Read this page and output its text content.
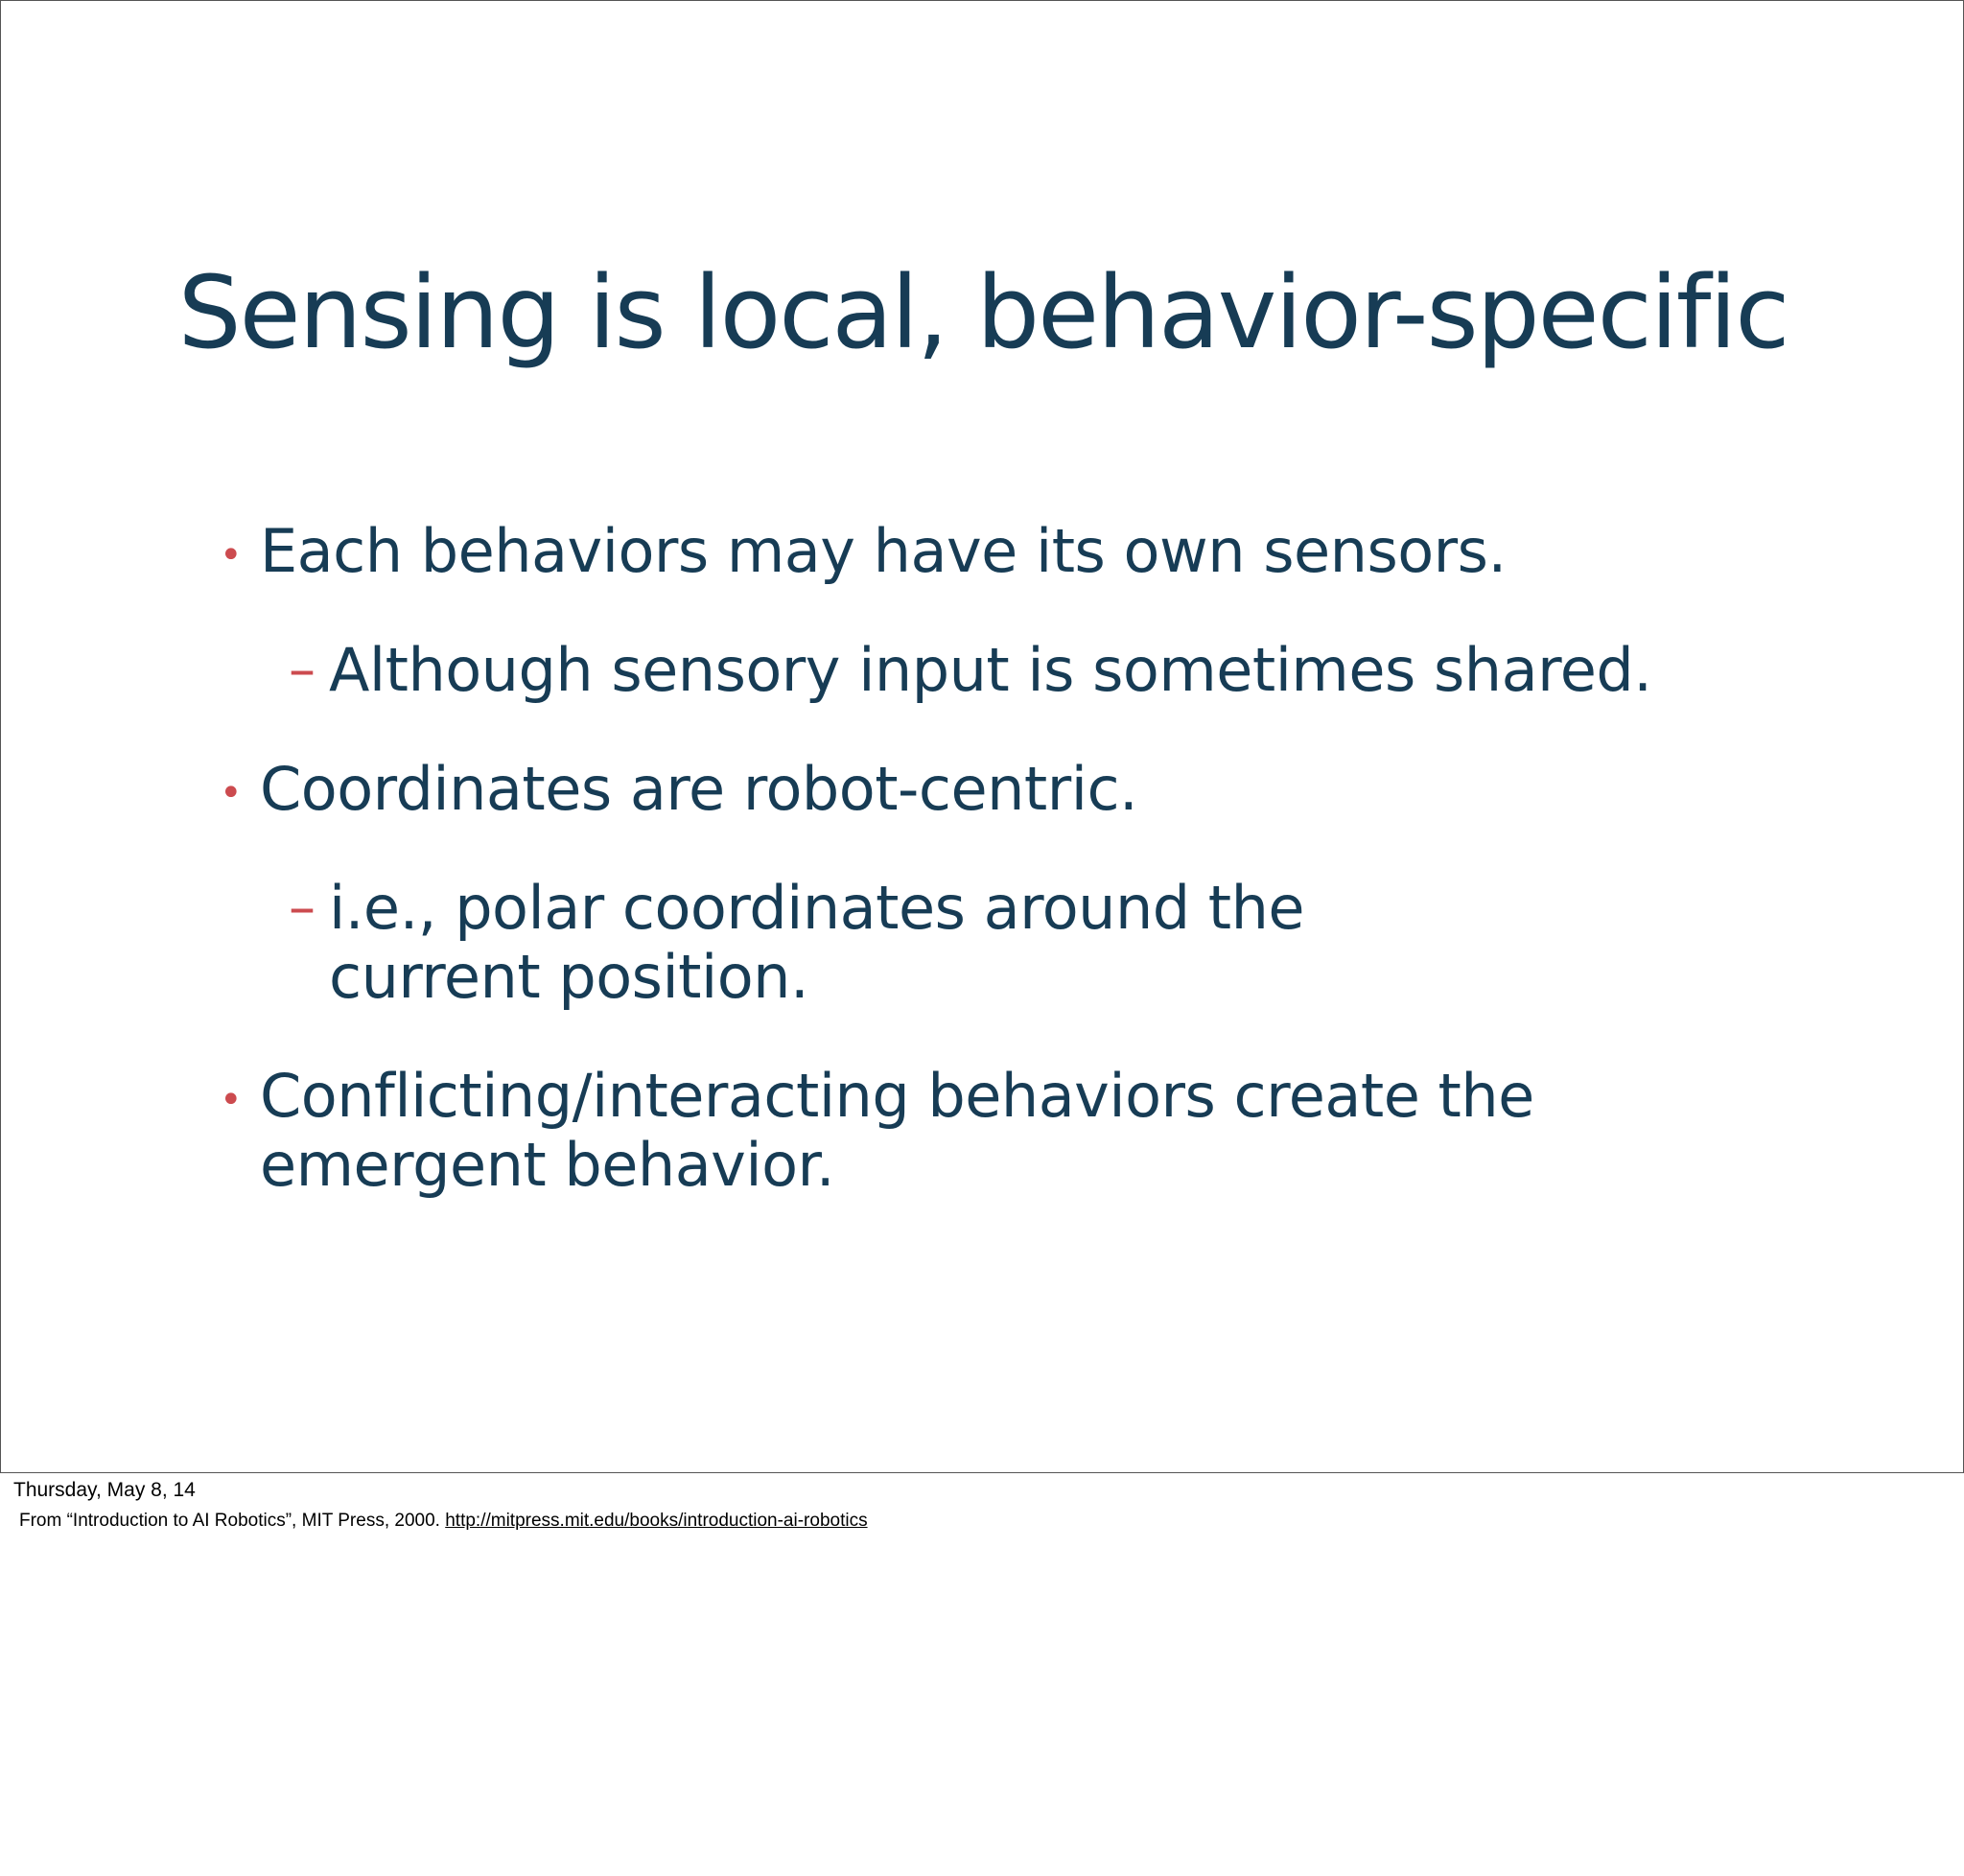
Sensing is local, behavior-specific
• Each behaviors may have its own sensors.
– Although sensory input is sometimes shared.
• Coordinates are robot-centric.
– i.e., polar coordinates around the current position.
• Conflicting/interacting behaviors create the emergent behavior.
Thursday, May 8, 14
From “Introduction to AI Robotics”, MIT Press, 2000. http://mitpress.mit.edu/books/introduction-ai-robotics
